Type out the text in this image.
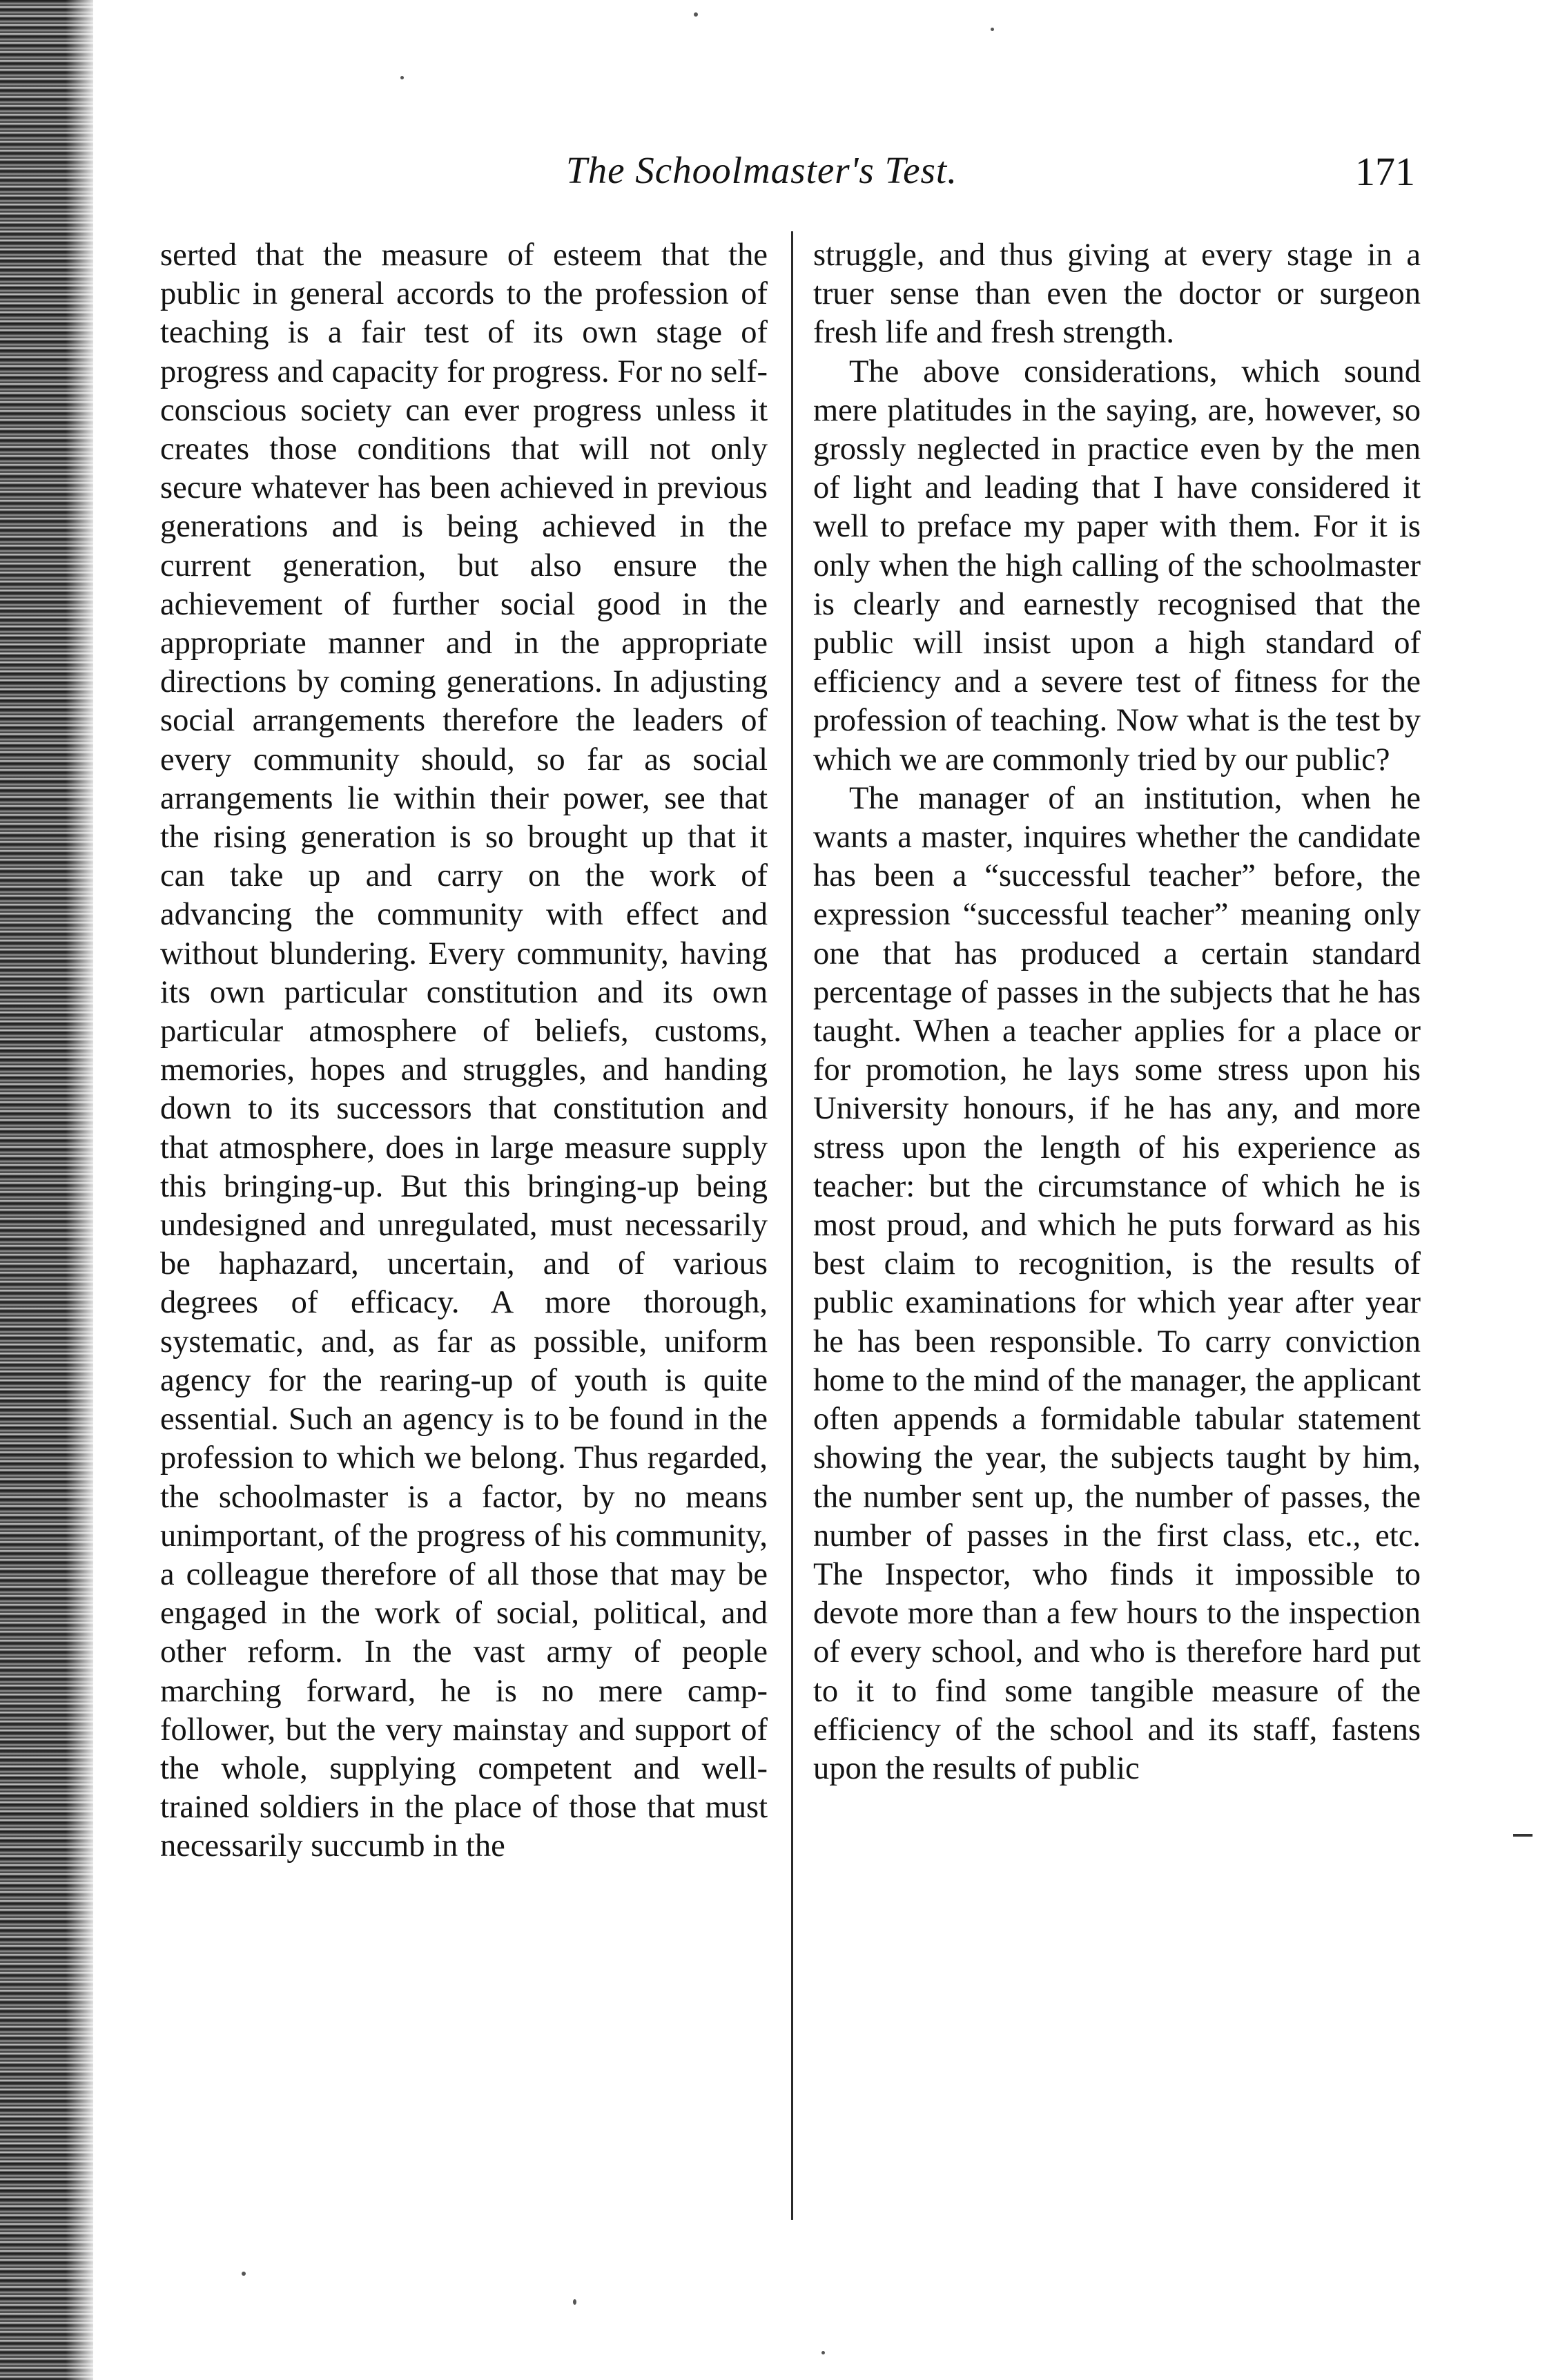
The Schoolmaster's Test.	171

serted that the measure of esteem that the public in general accords to the profession of teaching is a fair test of its own stage of progress and capacity for progress. For no self-conscious society can ever progress unless it creates those conditions that will not only secure whatever has been achieved in previous generations and is being achieved in the current generation, but also ensure the achievement of further social good in the appropriate manner and in the appropriate directions by coming generations. In adjusting social arrangements therefore the leaders of every community should, so far as social arrangements lie within their power, see that the rising generation is so brought up that it can take up and carry on the work of advancing the community with effect and without blundering. Every community, having its own particular constitution and its own particular atmosphere of beliefs, customs, memories, hopes and struggles, and handing down to its successors that constitution and that atmosphere, does in large measure supply this bringing-up. But this bringing-up being undesigned and unregulated, must necessarily be haphazard, uncertain, and of various degrees of efficacy. A more thorough, systematic, and, as far as possible, uniform agency for the rearing-up of youth is quite essential. Such an agency is to be found in the profession to which we belong. Thus regarded, the schoolmaster is a factor, by no means unimportant, of the progress of his community, a colleague therefore of all those that may be engaged in the work of social, political, and other reform. In the vast army of people marching forward, he is no mere camp-follower, but the very mainstay and support of the whole, supplying competent and well-trained soldiers in the place of those that must necessarily succumb in the

struggle, and thus giving at every stage in a truer sense than even the doctor or surgeon fresh life and fresh strength.

The above considerations, which sound mere platitudes in the saying, are, however, so grossly neglected in practice even by the men of light and leading that I have considered it well to preface my paper with them. For it is only when the high calling of the schoolmaster is clearly and earnestly recognised that the public will insist upon a high standard of efficiency and a severe test of fitness for the profession of teaching. Now what is the test by which we are commonly tried by our public?

The manager of an institution, when he wants a master, inquires whether the candidate has been a “successful teacher” before, the expression “successful teacher” meaning only one that has produced a certain standard percentage of passes in the subjects that he has taught. When a teacher applies for a place or for promotion, he lays some stress upon his University honours, if he has any, and more stress upon the length of his experience as teacher: but the circumstance of which he is most proud, and which he puts forward as his best claim to recognition, is the results of public examinations for which year after year he has been responsible. To carry conviction home to the mind of the manager, the applicant often appends a formidable tabular statement showing the year, the subjects taught by him, the number sent up, the number of passes, the number of passes in the first class, etc., etc. The Inspector, who finds it impossible to devote more than a few hours to the inspection of every school, and who is therefore hard put to it to find some tangible measure of the efficiency of the school and its staff, fastens upon the results of public
